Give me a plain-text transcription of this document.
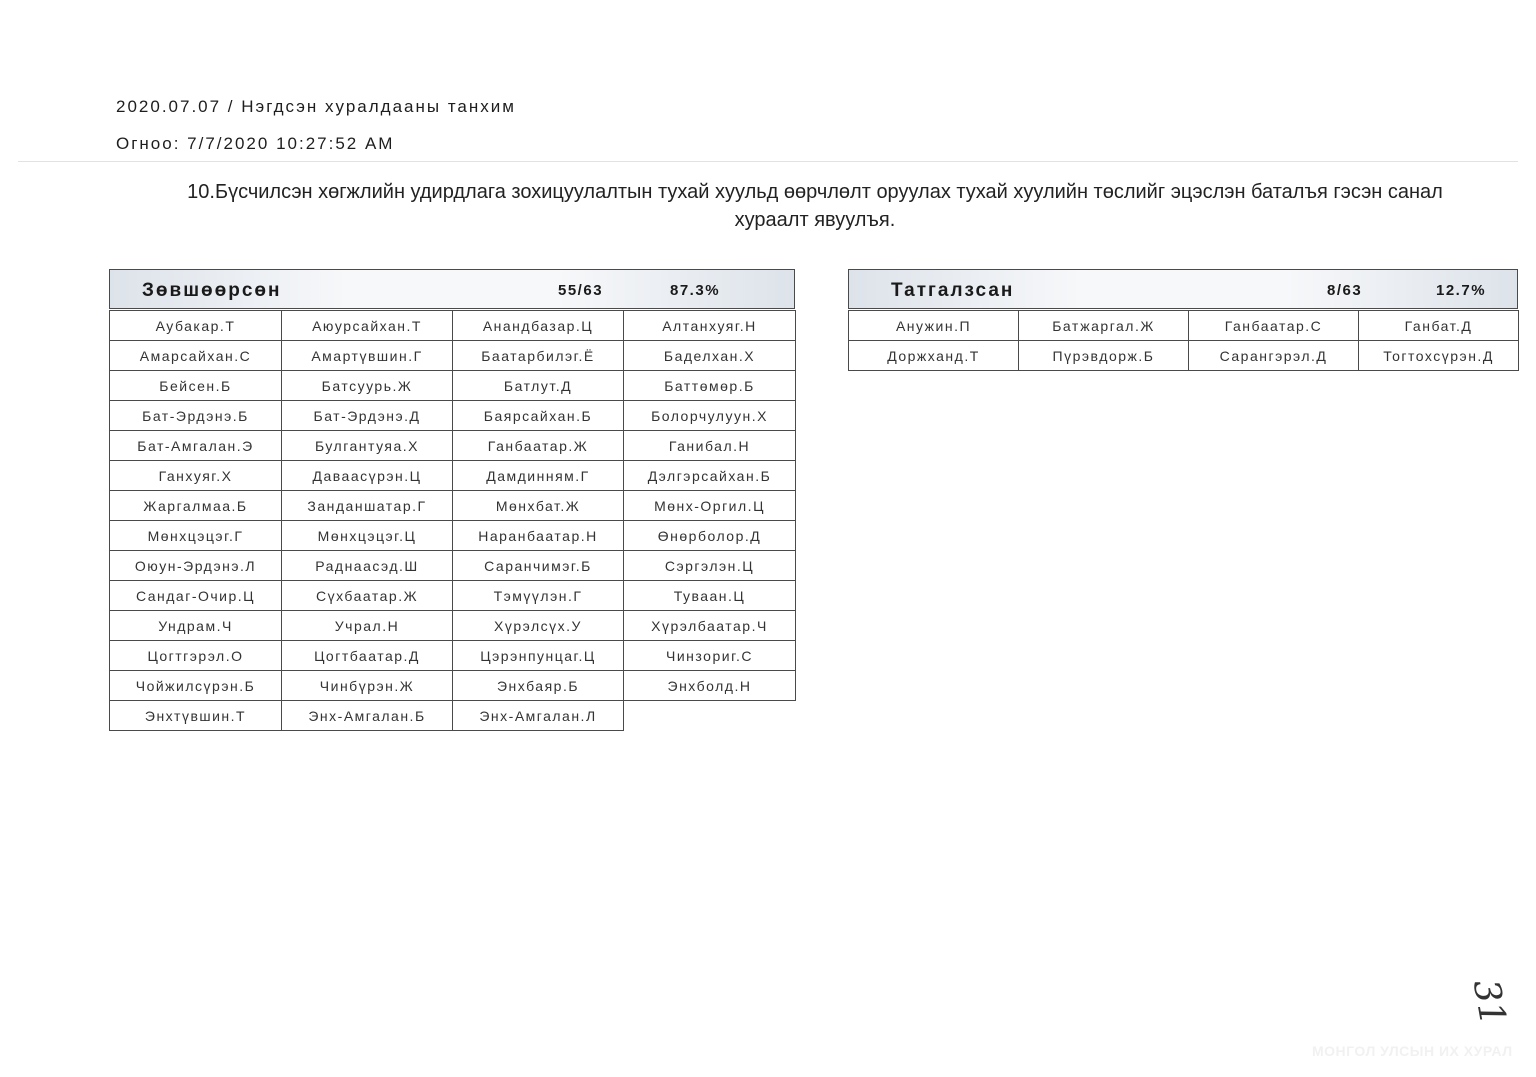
2020.07.07 / Нэгдсэн хуралдааны танхим
Огноо: 7/7/2020 10:27:52 AM
10.Бүсчилсэн хөгжлийн удирдлага зохицуулалтын тухай хуульд өөрчлөлт оруулах тухай хуулийн төслийг эцэслэн баталъя гэсэн санал
хураалт явуулъя.
Зөвшөөрсөн	55/63	87.3%
Аубакар.Т	Аюурсайхан.Т	Анандбазар.Ц	Алтанхуяг.Н
Амарсайхан.С	Амартүвшин.Г	Баатарбилэг.Ё	Баделхан.Х
Бейсен.Б	Батсуурь.Ж	Батлут.Д	Баттөмөр.Б
Бат-Эрдэнэ.Б	Бат-Эрдэнэ.Д	Баярсайхан.Б	Болорчулуун.Х
Бат-Амгалан.Э	Булгантуяа.Х	Ганбаатар.Ж	Ганибал.Н
Ганхуяг.Х	Даваасүрэн.Ц	Дамдинням.Г	Дэлгэрсайхан.Б
Жаргалмаа.Б	Занданшатар.Г	Мөнхбат.Ж	Мөнх-Оргил.Ц
Мөнхцэцэг.Г	Мөнхцэцэг.Ц	Наранбаатар.Н	Өнөрболор.Д
Оюун-Эрдэнэ.Л	Раднаасэд.Ш	Саранчимэг.Б	Сэргэлэн.Ц
Сандаг-Очир.Ц	Сүхбаатар.Ж	Тэмүүлэн.Г	Туваан.Ц
Ундрам.Ч	Учрал.Н	Хүрэлсүх.У	Хүрэлбаатар.Ч
Цогтгэрэл.О	Цогтбаатар.Д	Цэрэнпунцаг.Ц	Чинзориг.С
Чойжилсүрэн.Б	Чинбүрэн.Ж	Энхбаяр.Б	Энхболд.Н
Энхтүвшин.Т	Энх-Амгалан.Б	Энх-Амгалан.Л	
Татгалзсан	8/63	12.7%
Анужин.П	Батжаргал.Ж	Ганбаатар.С	Ганбат.Д
Доржханд.Т	Пүрэвдорж.Б	Сарангэрэл.Д	Тогтохсүрэн.Д
31
МОНГОЛ УЛСЫН ИХ ХУРАЛ
